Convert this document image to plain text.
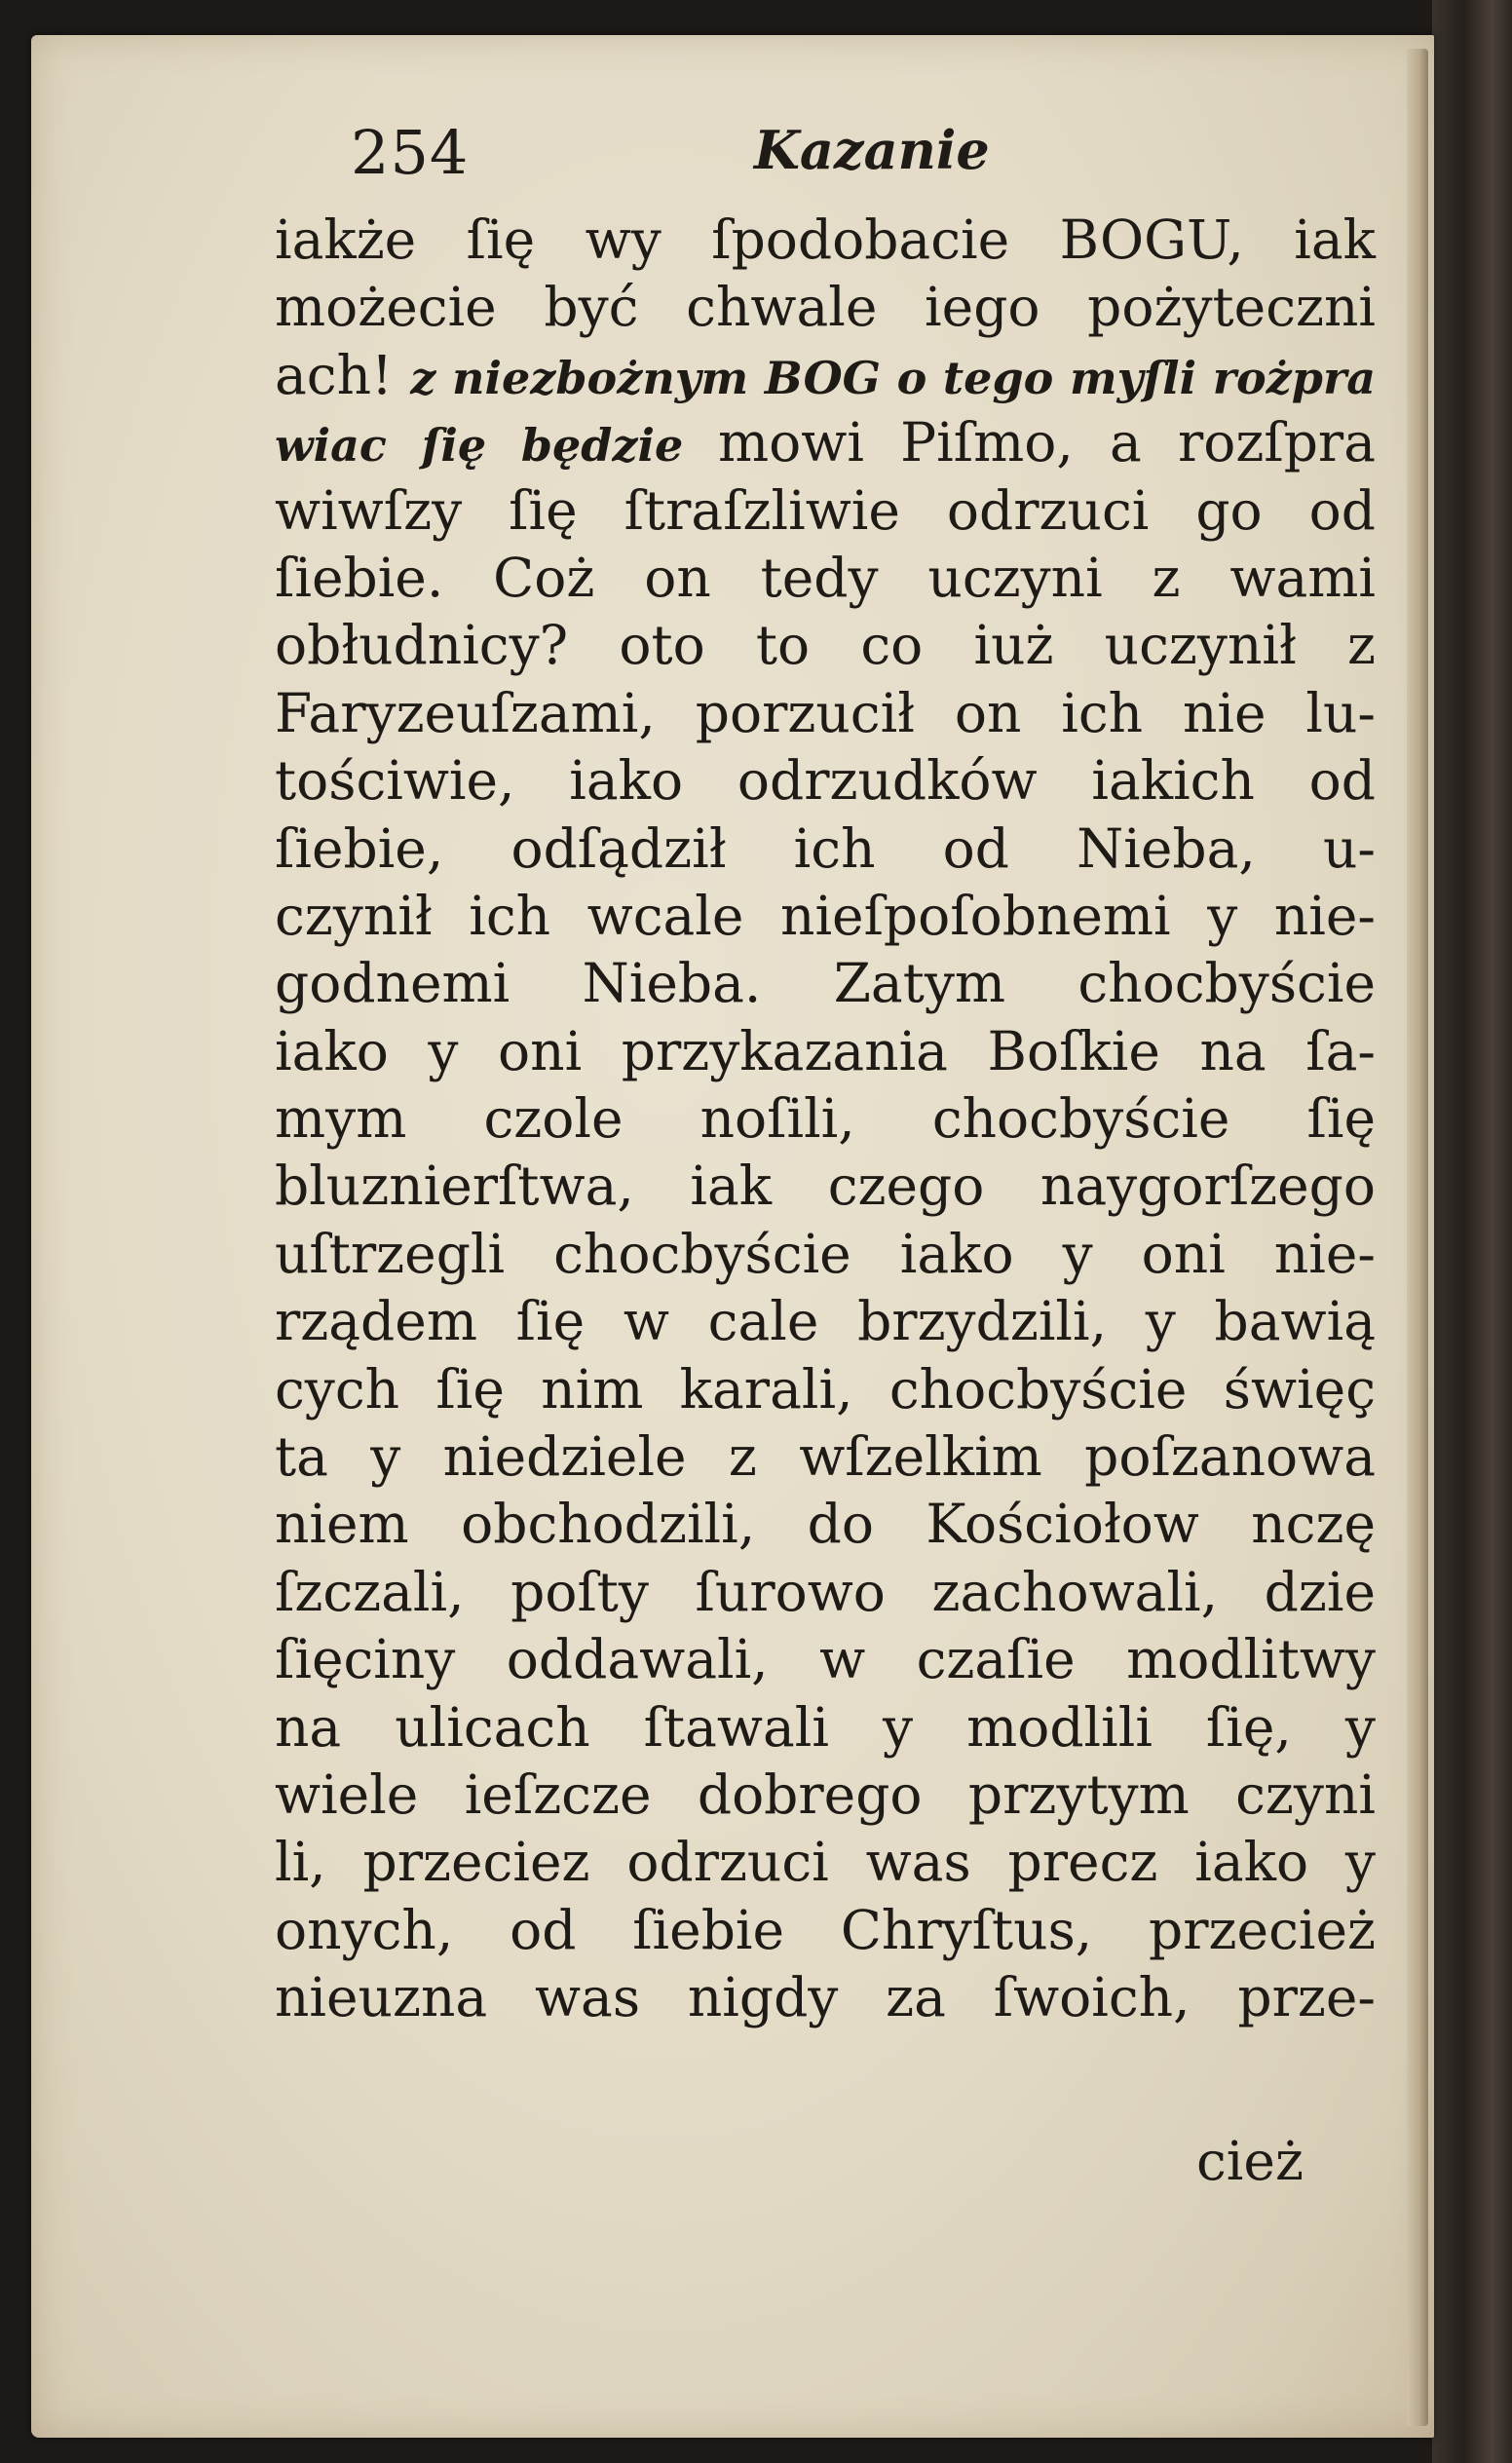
254	Kazanie
iakże ſię wy ſpodobacie BOGU, iak
możecie być chwale iego pożyteczni
ach! z niezbożnym BOG o tego myſli rożpra
wiac ſię będzie mowi Piſmo, a rozſpra
wiwſzy ſię ſtraſzliwie odrzuci go od
ſiebie. Coż on tedy uczyni z wami
obłudnicy? oto to co iuż uczynił z
Faryzeuſzami, porzucił on ich nie lu-
tościwie, iako odrzudków iakich od
ſiebie, odſądził ich od Nieba, u-
czynił ich wcale nieſpoſobnemi y nie-
godnemi Nieba. Zatym chocbyście
iako y oni przykazania Boſkie na ſa-
mym czole noſili, chocbyście ſię
bluznierſtwa, iak czego naygorſzego
uſtrzegli chocbyście iako y oni nie-
rządem ſię w cale brzydzili, y bawią
cych ſię nim karali, chocbyście święç
ta y niedziele z wſzelkim poſzanowa
niem obchodzili, do Kościołow nczę
ſzczali, poſty ſurowo zachowali, dzie
ſięciny oddawali, w czaſie modlitwy
na ulicach ſtawali y modlili ſię, y
wiele ieſzcze dobrego przytym czyni
li, przeciez odrzuci was precz iako y
onych, od ſiebie Chryſtus, przecież
nieuzna was nigdy za ſwoich, prze-
cież
